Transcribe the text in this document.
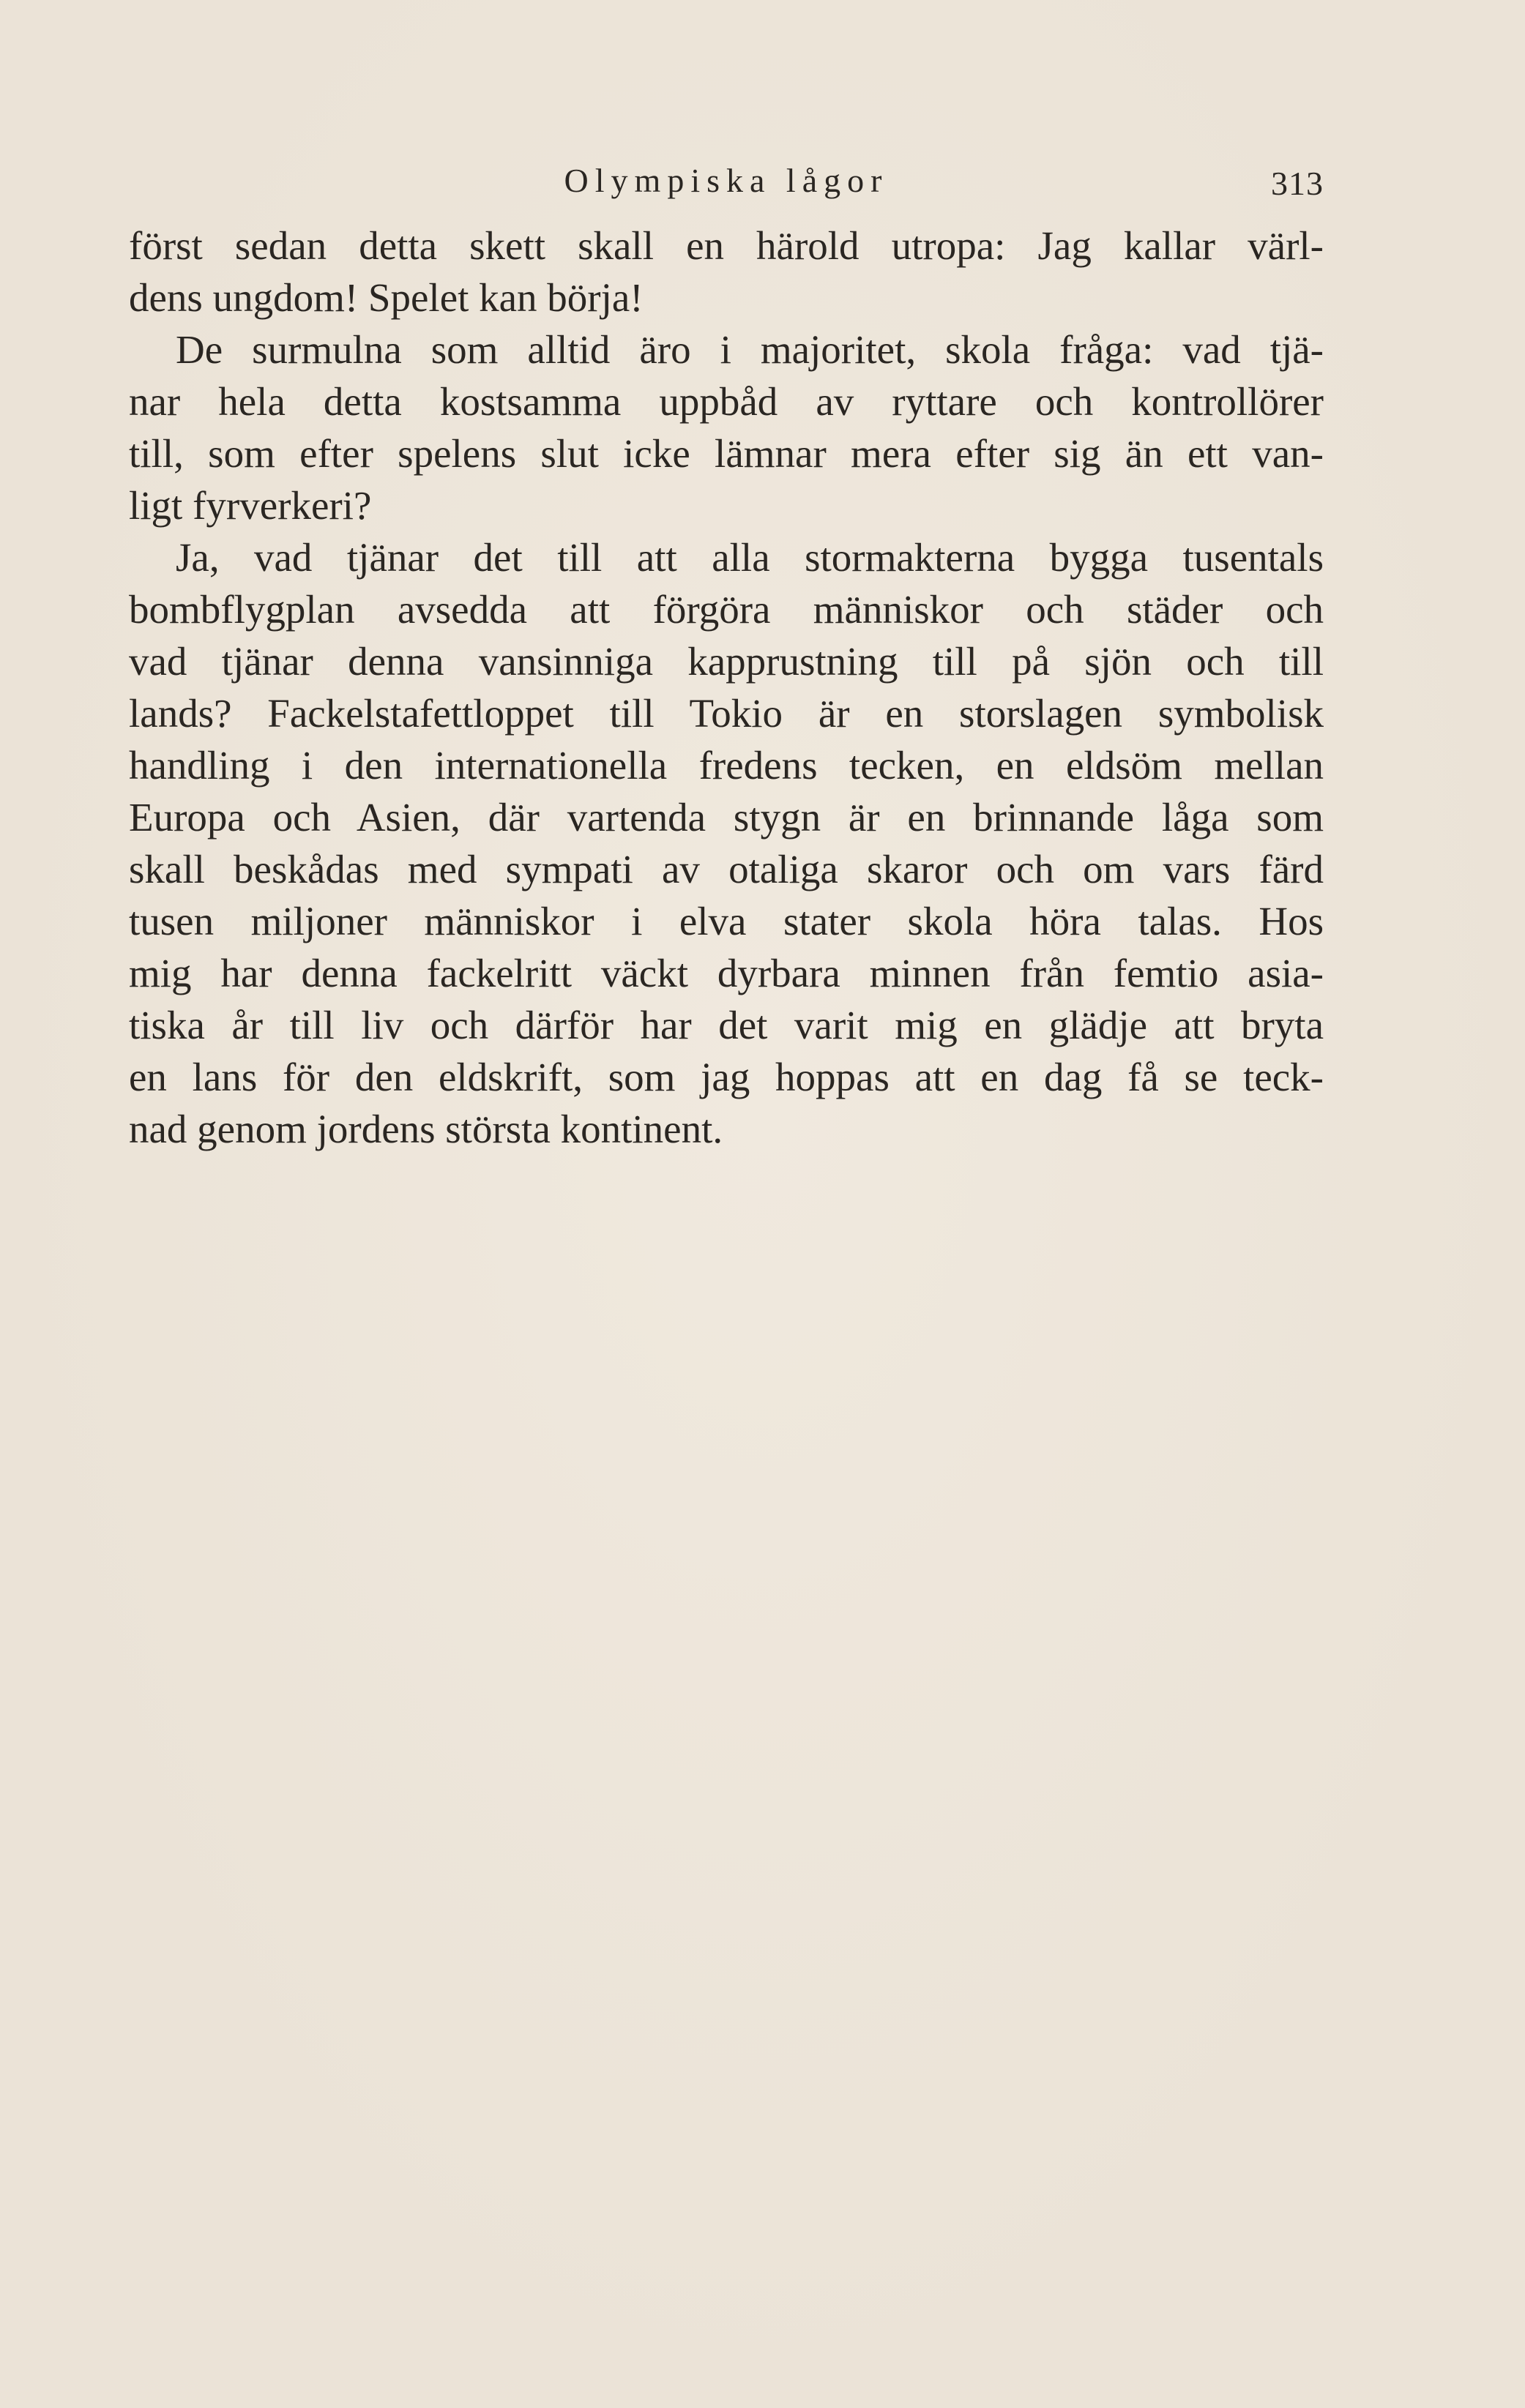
Olympiska lågor	313
först sedan detta skett skall en härold utropa: Jag kallar värl-
dens ungdom! Spelet kan börja!
De surmulna som alltid äro i majoritet, skola fråga: vad tjä-
nar hela detta kostsamma uppbåd av ryttare och kontrollörer
till, som efter spelens slut icke lämnar mera efter sig än ett van-
ligt fyrverkeri?
Ja, vad tjänar det till att alla stormakterna bygga tusentals
bombflygplan avsedda att förgöra människor och städer och
vad tjänar denna vansinniga kapprustning till på sjön och till
lands? Fackelstafettloppet till Tokio är en storslagen symbolisk
handling i den internationella fredens tecken, en eldsöm mellan
Europa och Asien, där vartenda stygn är en brinnande låga som
skall beskådas med sympati av otaliga skaror och om vars färd
tusen miljoner människor i elva stater skola höra talas. Hos
mig har denna fackelritt väckt dyrbara minnen från femtio asia-
tiska år till liv och därför har det varit mig en glädje att bryta
en lans för den eldskrift, som jag hoppas att en dag få se teck-
nad genom jordens största kontinent.
